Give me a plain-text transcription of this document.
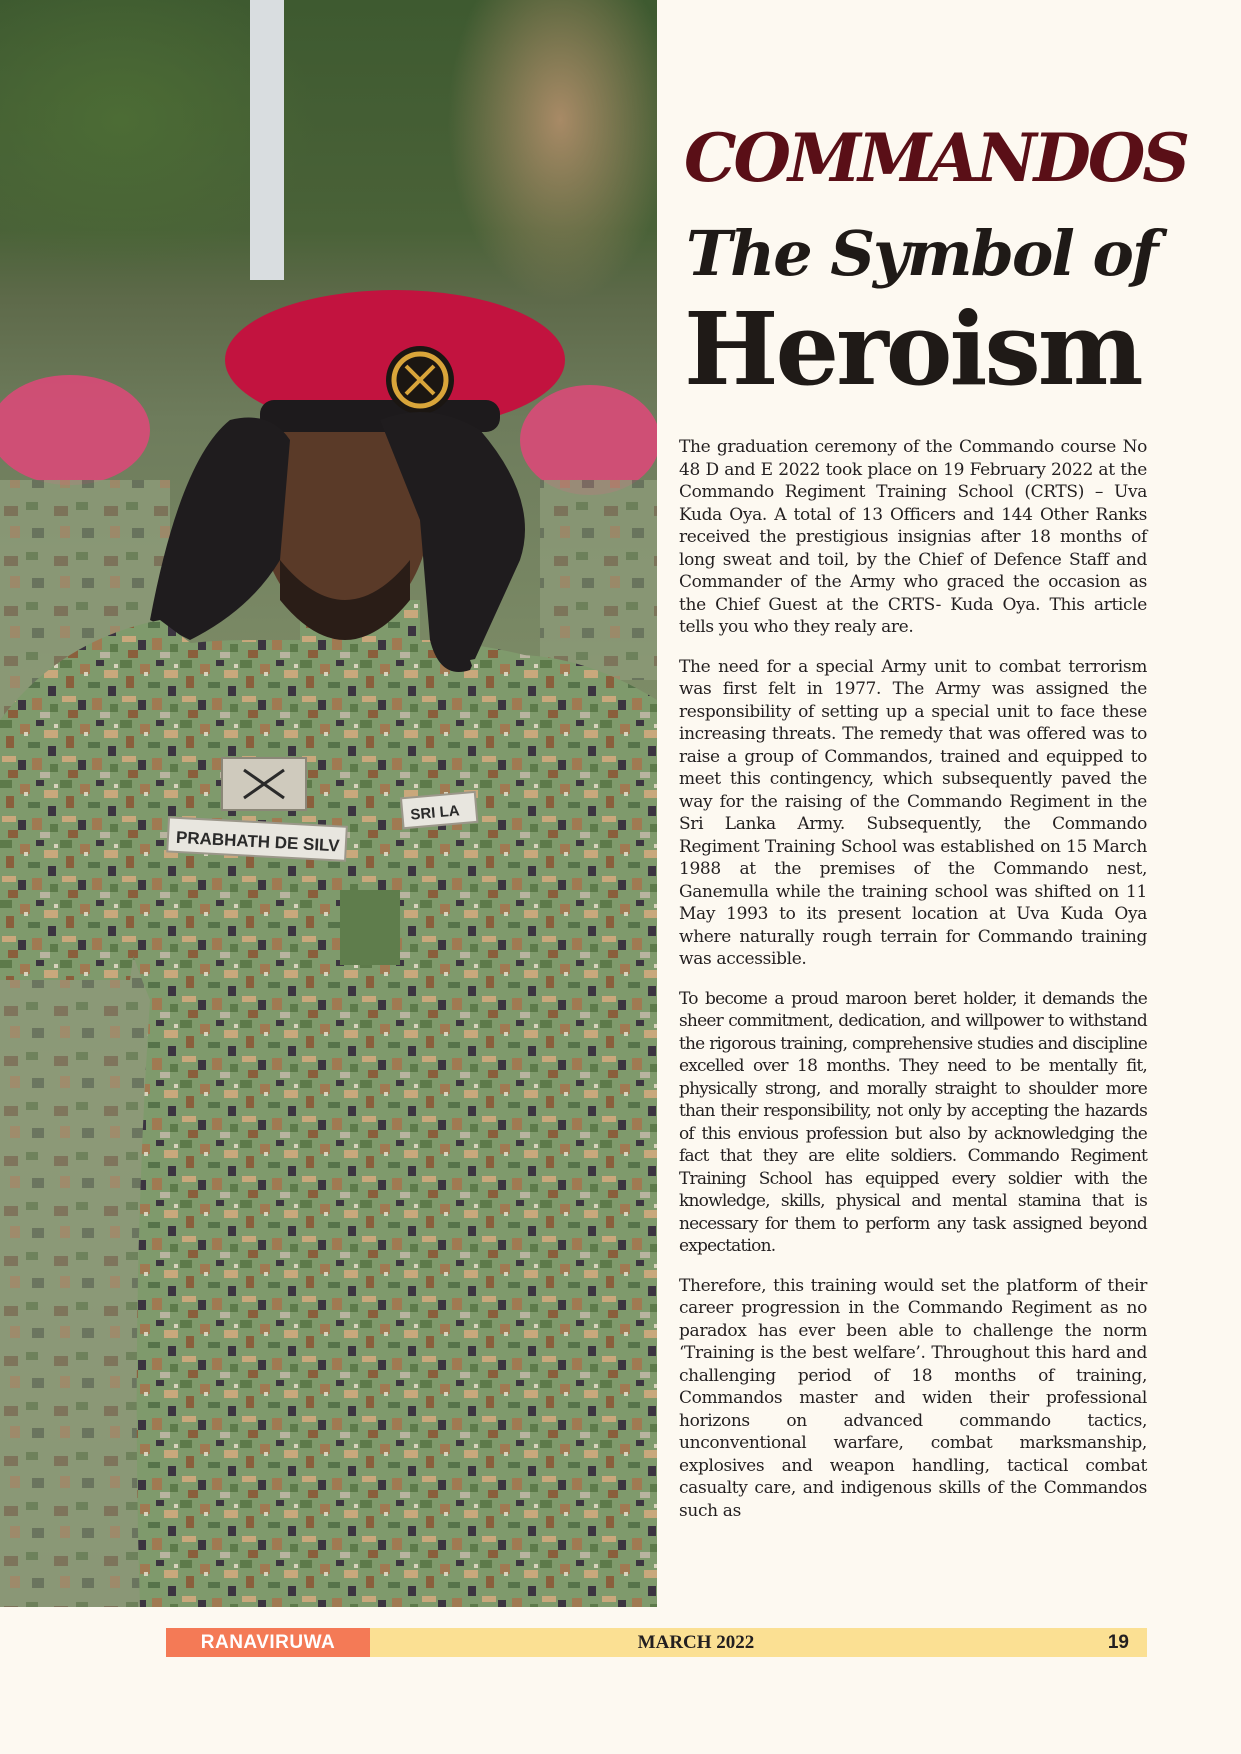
PRABHATH DE SILV
SRI LA
COMMANDOS
The Symbol of
Heroism

The graduation ceremony of the Commando course No 48 D and E 2022 took place on 19 February 2022 at the Commando Regiment Training School (CRTS) – Uva Kuda Oya. A total of 13 Officers and 144 Other Ranks received the prestigious insignias after 18 months of long sweat and toil, by the Chief of Defence Staff and Commander of the Army who graced the occasion as the Chief Guest at the CRTS- Kuda Oya. This article tells you who they realy are.

The need for a special Army unit to combat terrorism was first felt in 1977. The Army was assigned the responsibility of setting up a special unit to face these increasing threats. The remedy that was offered was to raise a group of Commandos, trained and equipped to meet this contingency, which subsequently paved the way for the raising of the Commando Regiment in the Sri Lanka Army. Subsequently, the Commando Regiment Training School was established on 15 March 1988 at the premises of the Commando nest, Ganemulla while the training school was shifted on 11 May 1993 to its present location at Uva Kuda Oya where naturally rough terrain for Commando training was accessible.

To become a proud maroon beret holder, it demands the sheer commitment, dedication, and willpower to withstand the rigorous training, comprehensive studies and discipline excelled over 18 months. They need to be mentally fit, physically strong, and morally straight to shoulder more than their responsibility, not only by accepting the hazards of this envious profession but also by acknowledging the fact that they are elite soldiers. Commando Regiment Training School has equipped every soldier with the knowledge, skills, physical and mental stamina that is necessary for them to perform any task assigned beyond expectation.

Therefore, this training would set the platform of their career progression in the Commando Regiment as no paradox has ever been able to challenge the norm ‘Training is the best welfare’. Throughout this hard and challenging period of 18 months of training, Commandos master and widen their professional horizons on advanced commando tactics, unconventional warfare, combat marksmanship, explosives and weapon handling, tactical combat casualty care, and indigenous skills of the Commandos such as

RANAVIRUWA	MARCH 2022	19
